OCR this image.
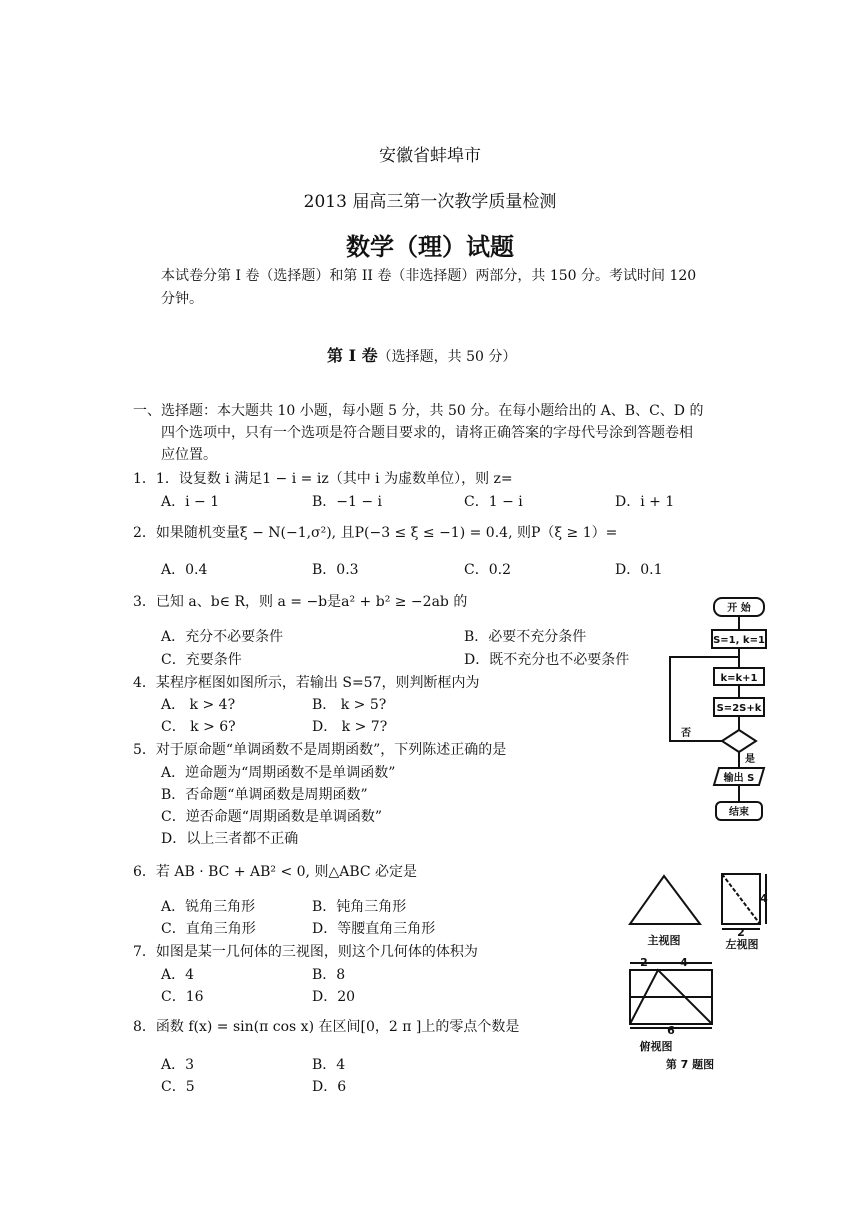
安徽省蚌埠市
2013 届高三第一次教学质量检测
数学（理）试题
本试卷分第 I 卷（选择题）和第 II 卷（非选择题）两部分，共 150 分。考试时间 120
分钟。
第 Ⅰ 卷（选择题，共 50 分）
一、选择题：本大题共 10 小题，每小题 5 分，共 50 分。在每小题给出的 A、B、C、D 的
四个选项中，只有一个选项是符合题目要求的，请将正确答案的字母代号涂到答题卷相
应位置。
1．1．设复数 i 满足1 − i = iz（其中 i 为虚数单位），则 z=
A．i − 1	B．−1 − i	C．1 − i	D．i + 1
2．如果随机变量ξ − N(−1,σ²), 且P(−3 ≤ ξ ≤ −1) = 0.4, 则P（ξ ≥ 1）=
A．0.4	B．0.3	C．0.2	D．0.1
3．已知 a、b∈ R，则 a = −b是a² + b² ≥ −2ab 的
A．充分不必要条件	B．必要不充分条件
C．充要条件	D．既不充分也不必要条件
4．某程序框图如图所示，若输出 S=57，则判断框内为
A． k > 4?	B． k > 5?
C． k > 6?	D． k > 7?
5．对于原命题“单调函数不是周期函数”，下列陈述正确的是
A．逆命题为“周期函数不是单调函数”
B．否命题“单调函数是周期函数”
C．逆否命题“周期函数是单调函数”
D．以上三者都不正确
6．若 AB · BC + AB² < 0, 则△ABC 必定是
A．锐角三角形	B．钝角三角形
C．直角三角形	D．等腰直角三角形
7．如图是某一几何体的三视图，则这个几何体的体积为
A．4	B．8
C．16	D．20
8．函数 f(x) = sin(π cos x) 在区间[0，2 π ]上的零点个数是
A．3	B．4
C．5	D．6
开 始
S=1, k=1
k=k+1
S=2S+k
否
是
输出 S
结束
4
2
主视图	左视图
2	4
6
俯视图
第 7 题图
